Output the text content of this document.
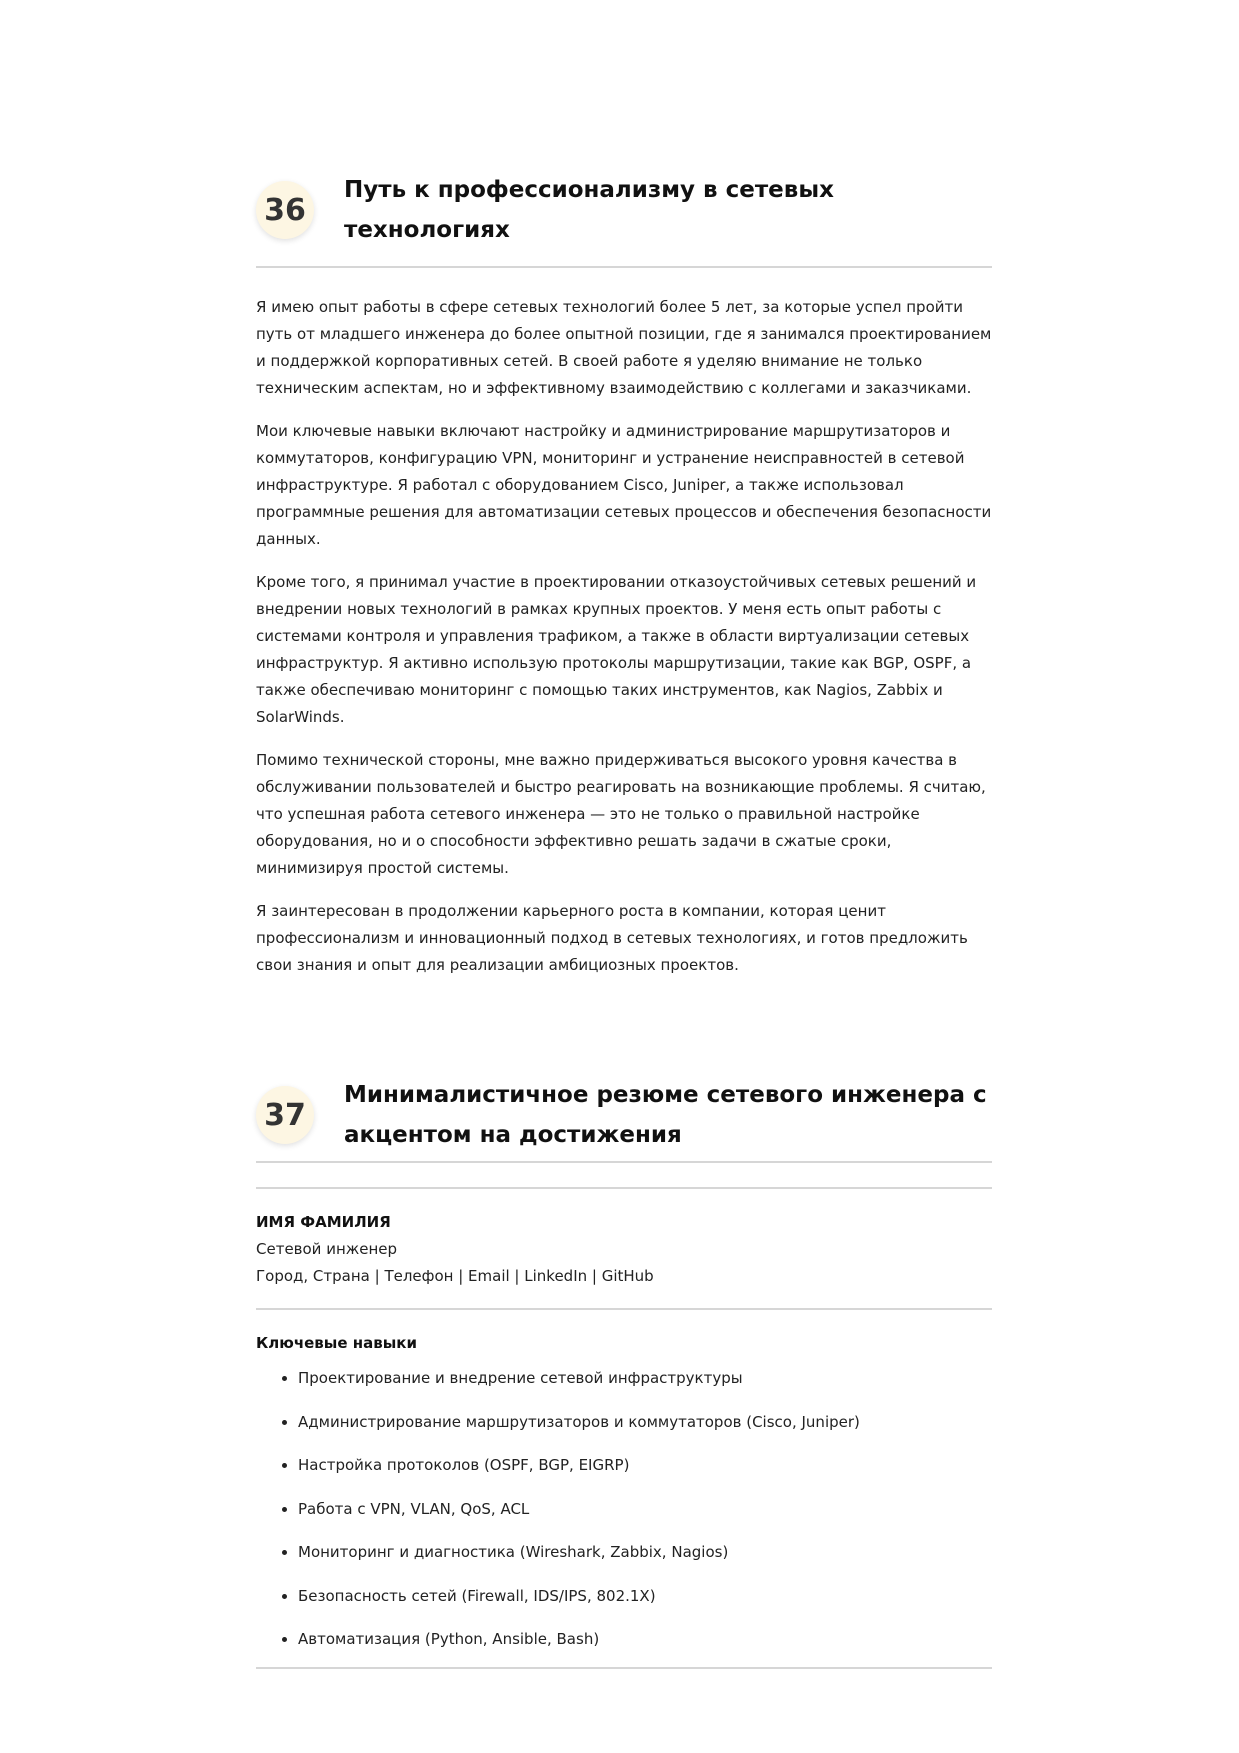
36
Путь к профессионализму в сетевых технологиях

Я имею опыт работы в сфере сетевых технологий более 5 лет, за которые успел пройти путь от младшего инженера до более опытной позиции, где я занимался проектированием и поддержкой корпоративных сетей. В своей работе я уделяю внимание не только техническим аспектам, но и эффективному взаимодействию с коллегами и заказчиками.

Мои ключевые навыки включают настройку и администрирование маршрутизаторов и коммутаторов, конфигурацию VPN, мониторинг и устранение неисправностей в сетевой инфраструктуре. Я работал с оборудованием Cisco, Juniper, а также использовал программные решения для автоматизации сетевых процессов и обеспечения безопасности данных.

Кроме того, я принимал участие в проектировании отказоустойчивых сетевых решений и внедрении новых технологий в рамках крупных проектов. У меня есть опыт работы с системами контроля и управления трафиком, а также в области виртуализации сетевых инфраструктур. Я активно использую протоколы маршрутизации, такие как BGP, OSPF, а также обеспечиваю мониторинг с помощью таких инструментов, как Nagios, Zabbix и SolarWinds.

Помимо технической стороны, мне важно придерживаться высокого уровня качества в обслуживании пользователей и быстро реагировать на возникающие проблемы. Я считаю, что успешная работа сетевого инженера — это не только о правильной настройке оборудования, но и о способности эффективно решать задачи в сжатые сроки, минимизируя простой системы.

Я заинтересован в продолжении карьерного роста в компании, которая ценит профессионализм и инновационный подход в сетевых технологиях, и готов предложить свои знания и опыт для реализации амбициозных проектов.

37
Минималистичное резюме сетевого инженера с акцентом на достижения
ИМЯ ФАМИЛИЯ
Сетевой инженер
Город, Страна | Телефон | Email | LinkedIn | GitHub
Ключевые навыки
• Проектирование и внедрение сетевой инфраструктуры
• Администрирование маршрутизаторов и коммутаторов (Cisco, Juniper)
• Настройка протоколов (OSPF, BGP, EIGRP)
• Работа с VPN, VLAN, QoS, ACL
• Мониторинг и диагностика (Wireshark, Zabbix, Nagios)
• Безопасность сетей (Firewall, IDS/IPS, 802.1X)
• Автоматизация (Python, Ansible, Bash)
